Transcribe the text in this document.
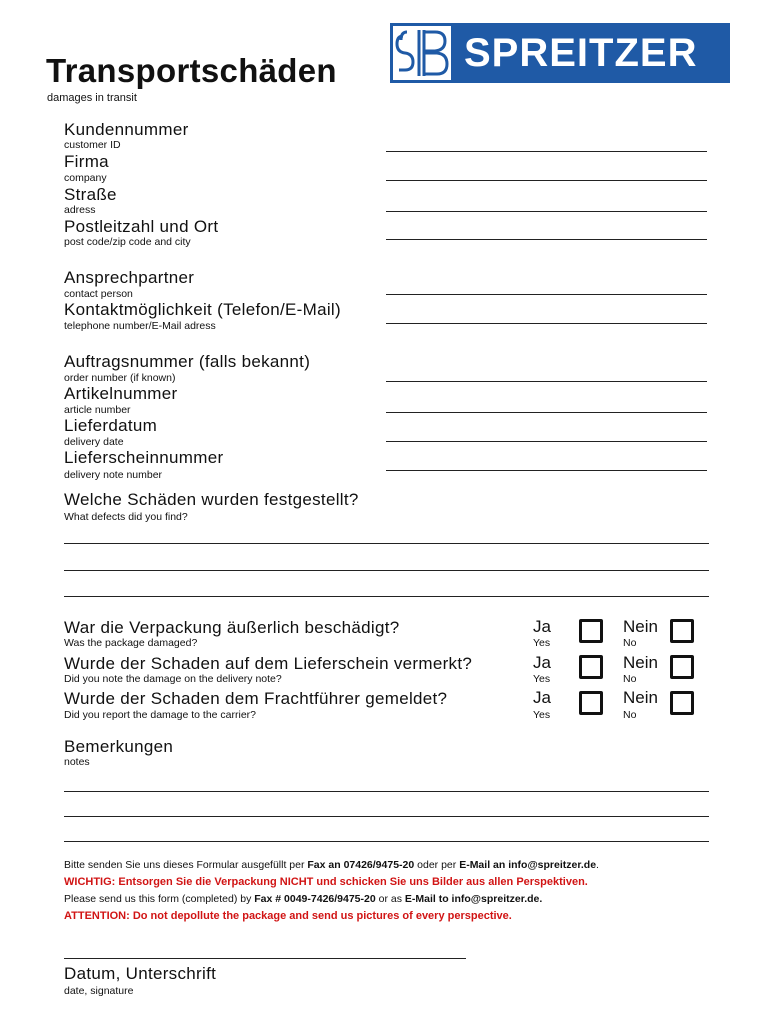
Transportschäden
damages in transit
SPREITZER
Kundennummer
customer ID
Firma
company
Straße
adress
Postleitzahl und Ort
post code/zip code and city
Ansprechpartner
contact person
Kontaktmöglichkeit (Telefon/E-Mail)
telephone number/E-Mail adress
Auftragsnummer (falls bekannt)
order number (if known)
Artikelnummer
article number
Lieferdatum
delivery date
Lieferscheinnummer
delivery note number
Welche Schäden wurden festgestellt?
What defects did you find?
War die Verpackung äußerlich beschädigt?
Was the package damaged?
Ja
Yes
Nein
No
Wurde der Schaden auf dem Lieferschein vermerkt?
Did you note the damage on the delivery note?
Ja
Yes
Nein
No
Wurde der Schaden dem Frachtführer gemeldet?
Did you report the damage to the carrier?
Ja
Yes
Nein
No
Bemerkungen
notes
Bitte senden Sie uns dieses Formular ausgefüllt per Fax an 07426/9475-20 oder per E-Mail an info@spreitzer.de.
WICHTIG: Entsorgen Sie die Verpackung NICHT und schicken Sie uns Bilder aus allen Perspektiven.
Please send us this form (completed) by Fax # 0049-7426/9475-20 or as E-Mail to info@spreitzer.de.
ATTENTION: Do not depollute the package and send us pictures of every perspective.
Datum, Unterschrift
date, signature
